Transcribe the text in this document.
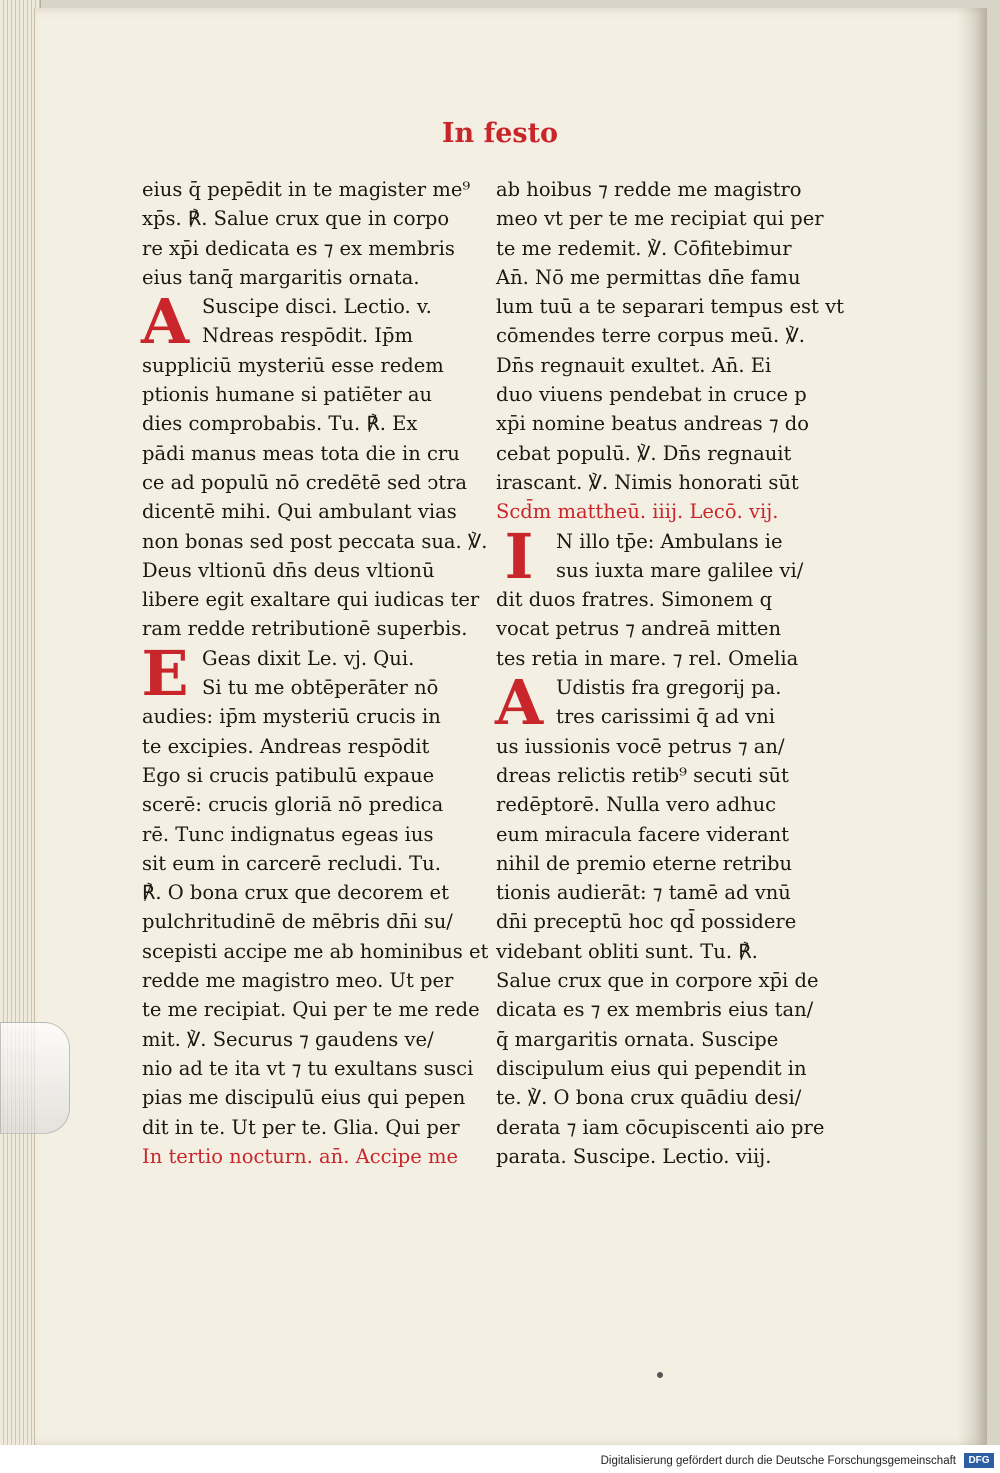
In festo
eius q̄ pepēdit in te magister me⁹
xp̄s. ℟. Salue crux que in corpo
re xp̄i dedicata es ⁊ ex membris
eius tanq̄ margaritis ornata.
A Suscipe disci. Lectio. v.
Ndreas respōdit. Ip̄m
suppliciū mysteriū esse redem
ptionis humane si patiēter au
dies comprobabis. Tu. ℟. Ex
pādi manus meas tota die in cru
ce ad populū nō credētē sed ↄtra
dicentē mihi. Qui ambulant vias
non bonas sed post peccata sua. ℣.
Deus vltionū dn̄s deus vltionū
libere egit exaltare qui iudicas ter
ram redde retributionē superbis.
E Geas dixit Le. vj. Qui.
Si tu me obtēperāter nō
audies: ip̄m mysteriū crucis in
te excipies. Andreas respōdit
Ego si crucis patibulū expaue
scerē: crucis gloriā nō predica
rē. Tunc indignatus egeas ius
sit eum in carcerē recludi. Tu.
℟. O bona crux que decorem et
pulchritudinē de mēbris dn̄i su/
scepisti accipe me ab hominibus et
redde me magistro meo. Ut per
te me recipiat. Qui per te me rede
mit. ℣. Securus ⁊ gaudens ve/
nio ad te ita vt ⁊ tu exultans susci
pias me discipulū eius qui pepen
dit in te. Ut per te. Glia. Qui per
In tertio nocturn. an̄. Accipe me
ab hoibus ⁊ redde me magistro
meo vt per te me recipiat qui per
te me redemit. ℣. Cōfitebimur
An̄. Nō me permittas dn̄e famu
lum tuū a te separari tempus est vt
cōmendes terre corpus meū. ℣.
Dn̄s regnauit exultet. An̄. Ei
duo viuens pendebat in cruce p
xp̄i nomine beatus andreas ⁊ do
cebat populū. ℣. Dn̄s regnauit
irascant. ℣. Nimis honorati sūt
Scd̄m mattheū. iiij. Lecō. vij.
I	N illo tp̄e: Ambulans ie
sus iuxta mare galilee vi/
dit duos fratres. Simonem q
vocat petrus ⁊ andreā mitten
tes retia in mare. ⁊ rel. Omelia
A Udistis fra gregorij pa.
tres carissimi q̄ ad vni
us iussionis vocē petrus ⁊ an/
dreas relictis retib⁹ secuti sūt
redēptorē. Nulla vero adhuc
eum miracula facere viderant
nihil de premio eterne retribu
tionis audierāt: ⁊ tamē ad vnū
dn̄i preceptū hoc qd̄ possidere
videbant obliti sunt. Tu. ℟.
Salue crux que in corpore xp̄i de
dicata es ⁊ ex membris eius tan/
q̄ margaritis ornata. Suscipe
discipulum eius qui pependit in
te. ℣. O bona crux quādiu desi/
derata ⁊ iam cōcupiscenti aio pre
parata. Suscipe. Lectio. viij.
Digitalisierung gefördert durch die Deutsche Forschungsgemeinschaft	DFG
